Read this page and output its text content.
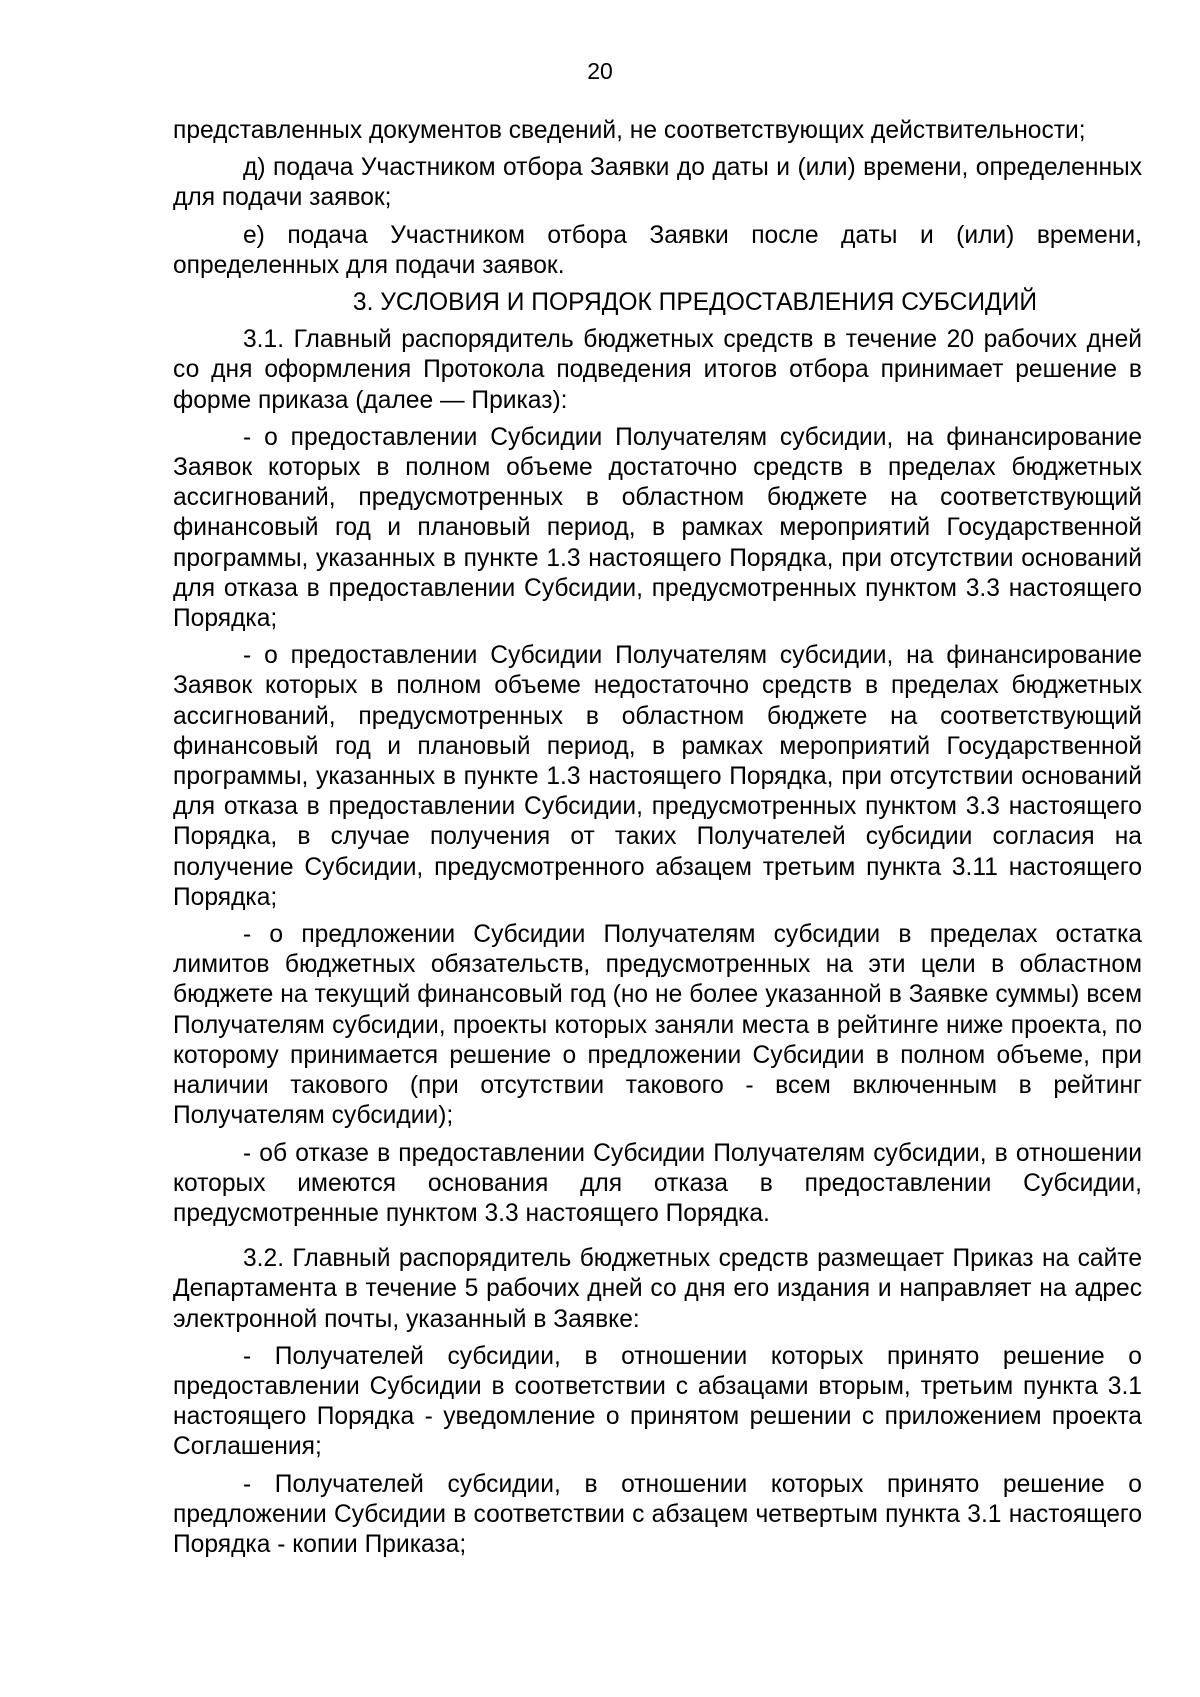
20

представленных документов сведений, не соответствующих действительности;

д) подача Участником отбора Заявки до даты и (или) времени, определенных для подачи заявок;

е) подача Участником отбора Заявки после даты и (или) времени, определенных для подачи заявок.

3. УСЛОВИЯ И ПОРЯДОК ПРЕДОСТАВЛЕНИЯ СУБСИДИЙ

3.1. Главный распорядитель бюджетных средств в течение 20 рабочих дней со дня оформления Протокола подведения итогов отбора принимает решение в форме приказа (далее — Приказ):

- о предоставлении Субсидии Получателям субсидии, на финансирование Заявок которых в полном объеме достаточно средств в пределах бюджетных ассигнований, предусмотренных в областном бюджете на соответствующий финансовый год и плановый период, в рамках мероприятий Государственной программы, указанных в пункте 1.3 настоящего Порядка, при отсутствии оснований для отказа в предоставлении Субсидии, предусмотренных пунктом 3.3 настоящего Порядка;

- о предоставлении Субсидии Получателям субсидии, на финансирование Заявок которых в полном объеме недостаточно средств в пределах бюджетных ассигнований, предусмотренных в областном бюджете на соответствующий финансовый год и плановый период, в рамках мероприятий Государственной программы, указанных в пункте 1.3 настоящего Порядка, при отсутствии оснований для отказа в предоставлении Субсидии, предусмотренных пунктом 3.3 настоящего Порядка, в случае получения от таких Получателей субсидии согласия на получение Субсидии, предусмотренного абзацем третьим пункта 3.11 настоящего Порядка;

- о предложении Субсидии Получателям субсидии в пределах остатка лимитов бюджетных обязательств, предусмотренных на эти цели в областном бюджете на текущий финансовый год (но не более указанной в Заявке суммы) всем Получателям субсидии, проекты которых заняли места в рейтинге ниже проекта, по которому принимается решение о предложении Субсидии в полном объеме, при наличии такового (при отсутствии такового - всем включенным в рейтинг Получателям субсидии);

- об отказе в предоставлении Субсидии Получателям субсидии, в отношении которых имеются основания для отказа в предоставлении Субсидии, предусмотренные пунктом 3.3 настоящего Порядка.

3.2. Главный распорядитель бюджетных средств размещает Приказ на сайте Департамента в течение 5 рабочих дней со дня его издания и направляет на адрес электронной почты, указанный в Заявке:

- Получателей субсидии, в отношении которых принято решение о предоставлении Субсидии в соответствии с абзацами вторым, третьим пункта 3.1 настоящего Порядка - уведомление о принятом решении с приложением проекта Соглашения;

- Получателей субсидии, в отношении которых принято решение о предложении Субсидии в соответствии с абзацем четвертым пункта 3.1 настоящего Порядка - копии Приказа;
